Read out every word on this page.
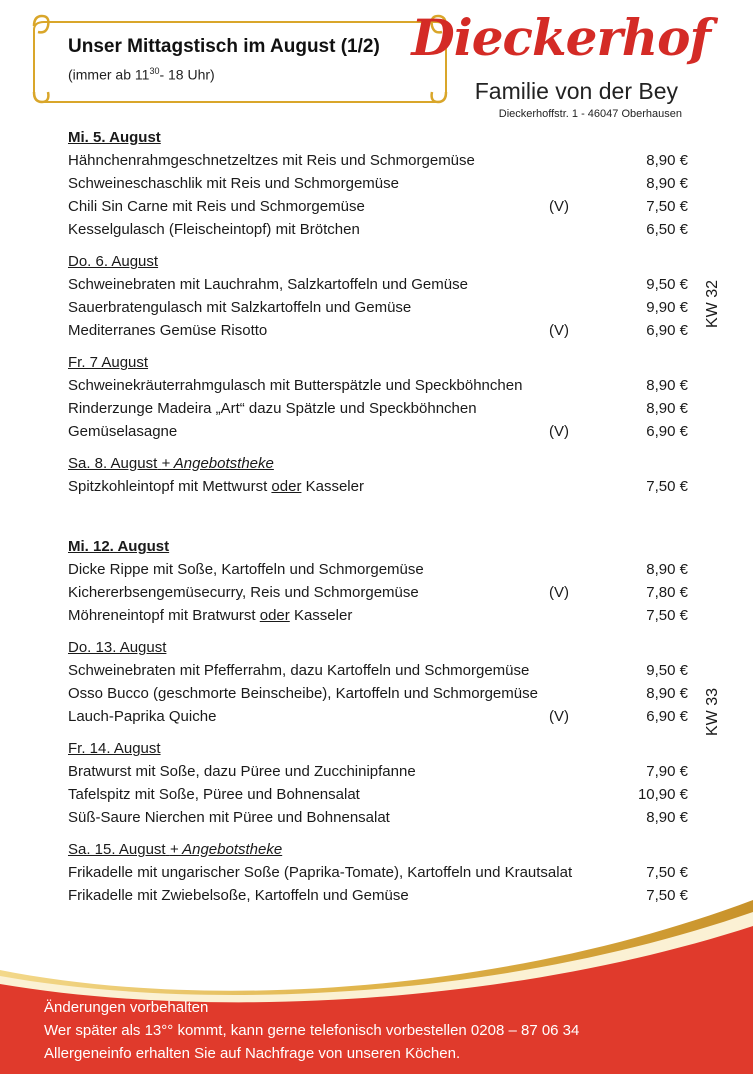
Unser Mittagstisch im August (1/2)
(immer ab $11^{30}-$ 18 Uhr)
Dieckerhof
Familie von der Bey
Dieckerhoffstr. 1 - 46047 Oberhausen
Mi. 5. August
Hähnchenrahmgeschnetzeltzes mit Reis und Schmorgemüse	8,90 €
Schweineschaschlik mit Reis und Schmorgemüse	8,90 €
Chili Sin Carne mit Reis und Schmorgemüse	(V)	7,50 €
Kesselgulasch (Fleischeintopf) mit Brötchen	6,50 €
Do. 6. August
Schweinebraten mit Lauchrahm, Salzkartoffeln und Gemüse	9,50 €
Sauerbratengulasch mit Salzkartoffeln und Gemüse	9,90 €
Mediterranes Gemüse Risotto	(V)	6,90 €
Fr. 7 August
Schweinekräuterrahmgulasch mit Butterspätzle und Speckböhnchen	8,90 €
Rinderzunge Madeira „Art“ dazu Spätzle und Speckböhnchen	8,90 €
Gemüselasagne	(V)	6,90 €
Sa. 8. August + Angebotstheke
Spitzkohleintopf mit Mettwurst oder Kasseler	7,50 €
Mi. 12. August
Dicke Rippe mit Soße, Kartoffeln und Schmorgemüse	8,90 €
Kichererbsengemüsecurry, Reis und Schmorgemüse	(V)	7,80 €
Möhreneintopf mit Bratwurst oder Kasseler	7,50 €
Do. 13. August
Schweinebraten mit Pfefferrahm, dazu Kartoffeln und Schmorgemüse	9,50 €
Osso Bucco (geschmorte Beinscheibe), Kartoffeln und Schmorgemüse	8,90 €
Lauch-Paprika Quiche	(V)	6,90 €
Fr. 14. August
Bratwurst mit Soße, dazu Püree und Zucchinipfanne	7,90 €
Tafelspitz mit Soße, Püree und Bohnensalat	10,90 €
Süß-Saure Nierchen mit Püree und Bohnensalat	8,90 €
Sa. 15. August + Angebotstheke
Frikadelle mit ungarischer Soße (Paprika-Tomate), Kartoffeln und Krautsalat	7,50 €
Frikadelle mit Zwiebelsoße, Kartoffeln und Gemüse	7,50 €
KW 32
KW 33
Änderungen vorbehalten
Wer später als 13°° kommt, kann gerne telefonisch vorbestellen 0208 – 87 06 34
Allergeneinfo erhalten Sie auf Nachfrage von unseren Köchen.
